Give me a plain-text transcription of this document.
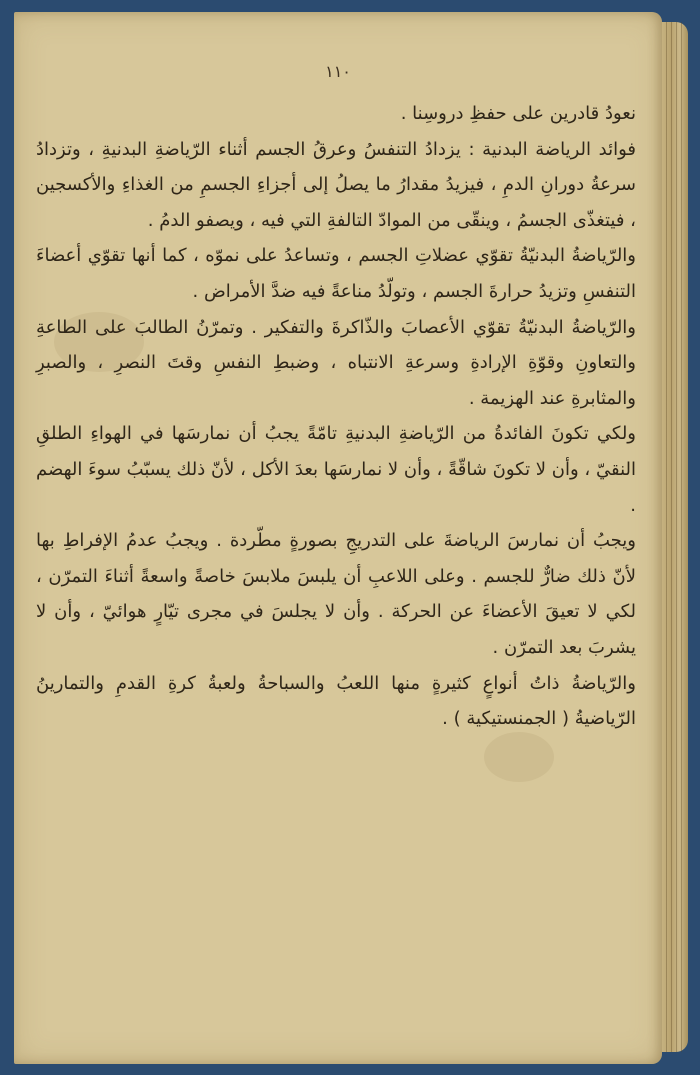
١١٠

نعودُ قادرين على حفظِ دروسِنا .

فوائد الرياضة البدنية : يزدادُ التنفسُ وعرقُ الجسم أثناء الرّياضةِ البدنيةِ ، وتزدادُ سرعةُ دورانِ الدمِ ، فيزيدُ مقدارُ ما يصلُ إلى أجزاءِ الجسمِ من الغذاءِ والأكسجين ، فيتغذّى الجسمُ ، وينقّى من الموادّ التالفةِ التي فيه ، ويصفو الدمُ .

والرّياضةُ البدنيّةُ تقوّي عضلاتِ الجسم ، وتساعدُ على نموّه ، كما أنها تقوّي أعضاءَ التنفسِ وتزيدُ حرارةَ الجسم ، وتولّدُ مناعةً فيه ضدَّ الأمراض .

والرّياضةُ البدنيّةُ تقوّي الأعصابَ والذّاكرةَ والتفكير . وتمرّنُ الطالبَ على الطاعةِ والتعاونِ وقوّةِ الإرادةِ وسرعةِ الانتباه ، وضبطِ النفسِ وقتَ النصرِ ، والصبرِ والمثابرةِ عند الهزيمة .

ولكي تكونَ الفائدةُ من الرّياضةِ البدنيةِ تامّةً يجبُ أن نمارسَها في الهواءِ الطلقِ النقيّ ، وأن لا تكونَ شاقّةً ، وأن لا نمارسَها بعدَ الأكل ، لأنّ ذلك يسبّبُ سوءَ الهضم .

ويجبُ أن نمارسَ الرياضةَ على التدريجِ بصورةٍ مطّردة . ويجبُ عدمُ الإفراطِ بها لأنّ ذلك ضارٌّ للجسم . وعلى اللاعبِ أن يلبسَ ملابسَ خاصةً واسعةً أثناءَ التمرّن ، لكي لا تعيقَ الأعضاءَ عن الحركة . وأن لا يجلسَ في مجرى تيّارٍ هوائيّ ، وأن لا يشربَ بعد التمرّن .

والرّياضةُ ذاتُ أنواعٍ كثيرةٍ منها اللعبُ والسباحةُ ولعبةُ كرةِ القدمِ والتمارينُ الرّياضيةُ ( الجمنستيكية ) .
